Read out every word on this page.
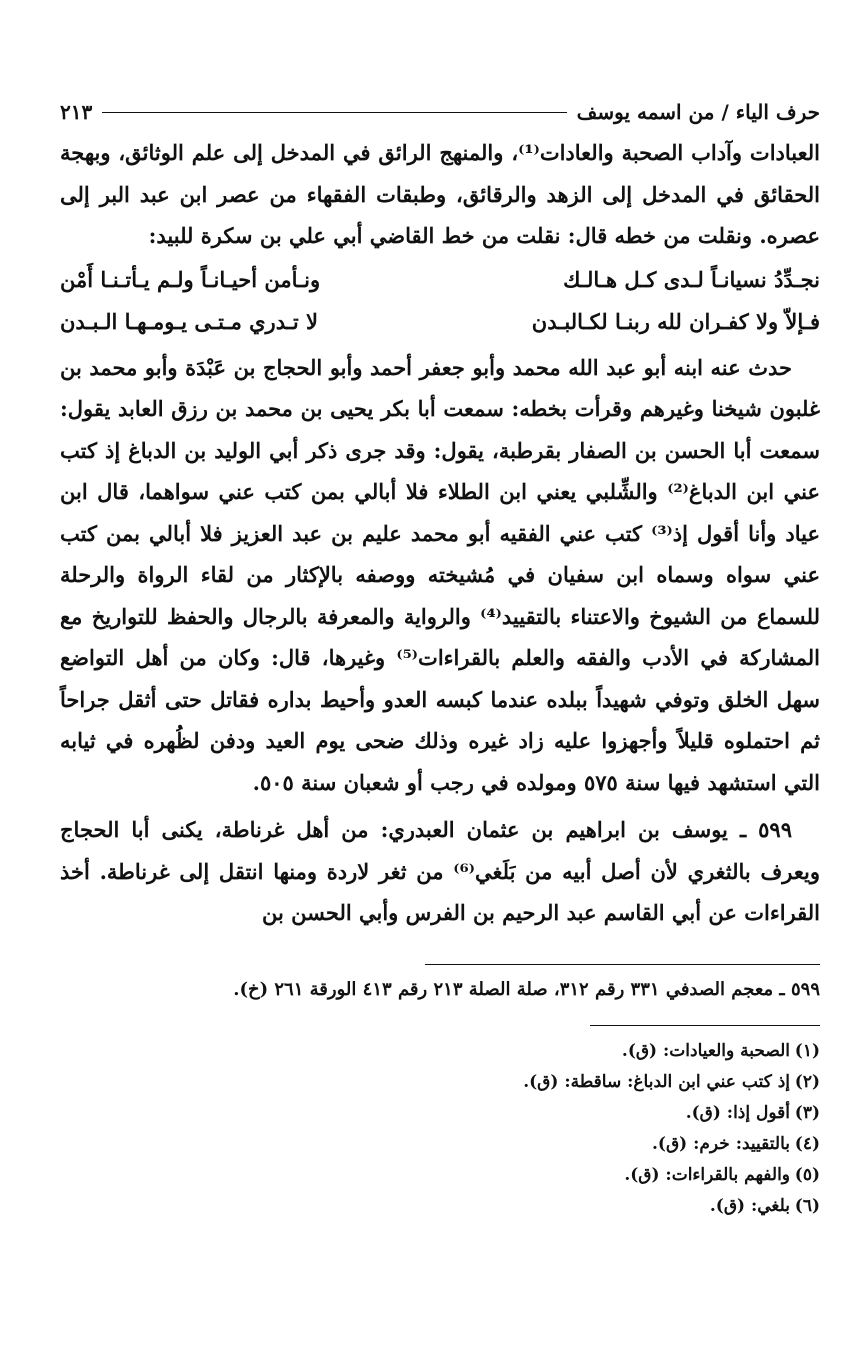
حرف الياء / من اسمه يوسف
٢١٣

العبادات وآداب الصحبة والعادات⁽¹⁾، والمنهج الرائق في المدخل إلى علم الوثائق، وبهجة الحقائق في المدخل إلى الزهد والرقائق، وطبقات الفقهاء من عصر ابن عبد البر إلى عصره. ونقلت من خطه قال: نقلت من خط القاضي أبي علي بن سكرة للبيد:

نجـدِّدُ نسيانـاً لـدى كـل هـالـك
ونـأمن أحيـانـاً ولـم يـأتـنـا أَمْن
فـإلاّ ولا كفـران لله ربنـا لكـالبـدن
لا تـدري مـتـى يـومـهـا الـبـدن

حدث عنه ابنه أبو عبد الله محمد وأبو جعفر أحمد وأبو الحجاج بن عَبْدَة وأبو محمد بن غلبون شيخنا وغيرهم وقرأت بخطه: سمعت أبا بكر يحيى بن محمد بن رزق العابد يقول: سمعت أبا الحسن بن الصفار بقرطبة، يقول: وقد جرى ذكر أبي الوليد بن الدباغ إذ كتب عني ابن الدباغ⁽²⁾ والشِّلبي يعني ابن الطلاء فلا أبالي بمن كتب عني سواهما، قال ابن عياد وأنا أقول إذ⁽³⁾ كتب عني الفقيه أبو محمد عليم بن عبد العزيز فلا أبالي بمن كتب عني سواه وسماه ابن سفيان في مُشيخته ووصفه بالإكثار من لقاء الرواة والرحلة للسماع من الشيوخ والاعتناء بالتقييد⁽⁴⁾ والرواية والمعرفة بالرجال والحفظ للتواريخ مع المشاركة في الأدب والفقه والعلم بالقراءات⁽⁵⁾ وغيرها، قال: وكان من أهل التواضع سهل الخلق وتوفي شهيداً ببلده عندما كبسه العدو وأحيط بداره فقاتل حتى أثقل جراحاً ثم احتملوه قليلاً وأجهزوا عليه زاد غيره وذلك ضحى يوم العيد ودفن لظُهره في ثيابه التي استشهد فيها سنة ٥٧٥ ومولده في رجب أو شعبان سنة ٥٠٥.

٥٩٩ ـ يوسف بن ابراهيم بن عثمان العبدري: من أهل غرناطة، يكنى أبا الحجاج ويعرف بالثغري لأن أصل أبيه من بَلَغي⁽⁶⁾ من ثغر لاردة ومنها انتقل إلى غرناطة. أخذ القراءات عن أبي القاسم عبد الرحيم بن الفرس وأبي الحسن بن

٥٩٩ ـ معجم الصدفي ٣٣١ رقم ٣١٢، صلة الصلة ٢١٣ رقم ٤١٣ الورقة ٢٦١ (خ).

(١)
الصحبة والعيادات: (ق).
(٢)
إذ كتب عني ابن الدباغ: ساقطة: (ق).
(٣)
أقول إذا: (ق).
(٤)
بالتقييد: خرم: (ق).
(٥)
والفهم بالقراءات: (ق).
(٦)
بلغي: (ق).
